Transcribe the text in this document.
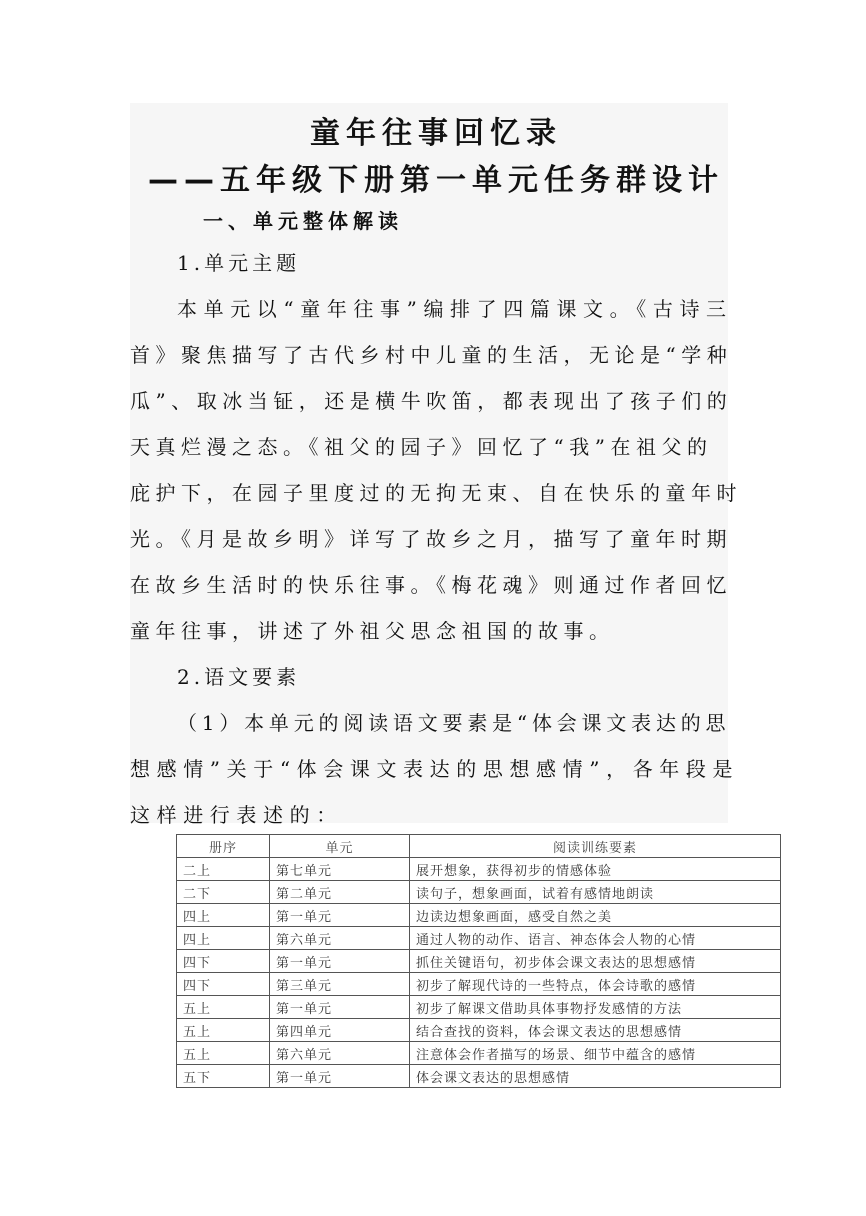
童年往事回忆录
——五年级下册第一单元任务群设计
一、单元整体解读

1.单元主题

本单元以“童年往事”编排了四篇课文。《古诗三

首》聚焦描写了古代乡村中儿童的生活，无论是“学种

瓜”、取冰当钲，还是横牛吹笛，都表现出了孩子们的

天真烂漫之态。《祖父的园子》回忆了“我”在祖父的

庇护下，在园子里度过的无拘无束、自在快乐的童年时

光。《月是故乡明》详写了故乡之月，描写了童年时期

在故乡生活时的快乐往事。《梅花魂》则通过作者回忆

童年往事，讲述了外祖父思念祖国的故事。

2.语文要素

（1）本单元的阅读语文要素是“体会课文表达的思

想感情”关于“体会课文表达的思想感情”，各年段是

这样进行表述的：

册序	单元	阅读训练要素
二上	第七单元	展开想象，获得初步的情感体验
二下	第二单元	读句子，想象画面，试着有感情地朗读
四上	第一单元	边读边想象画面，感受自然之美
四上	第六单元	通过人物的动作、语言、神态体会人物的心情
四下	第一单元	抓住关键语句，初步体会课文表达的思想感情
四下	第三单元	初步了解现代诗的一些特点，体会诗歌的感情
五上	第一单元	初步了解课文借助具体事物抒发感情的方法
五上	第四单元	结合查找的资料，体会课文表达的思想感情
五上	第六单元	注意体会作者描写的场景、细节中蕴含的感情
五下	第一单元	体会课文表达的思想感情
